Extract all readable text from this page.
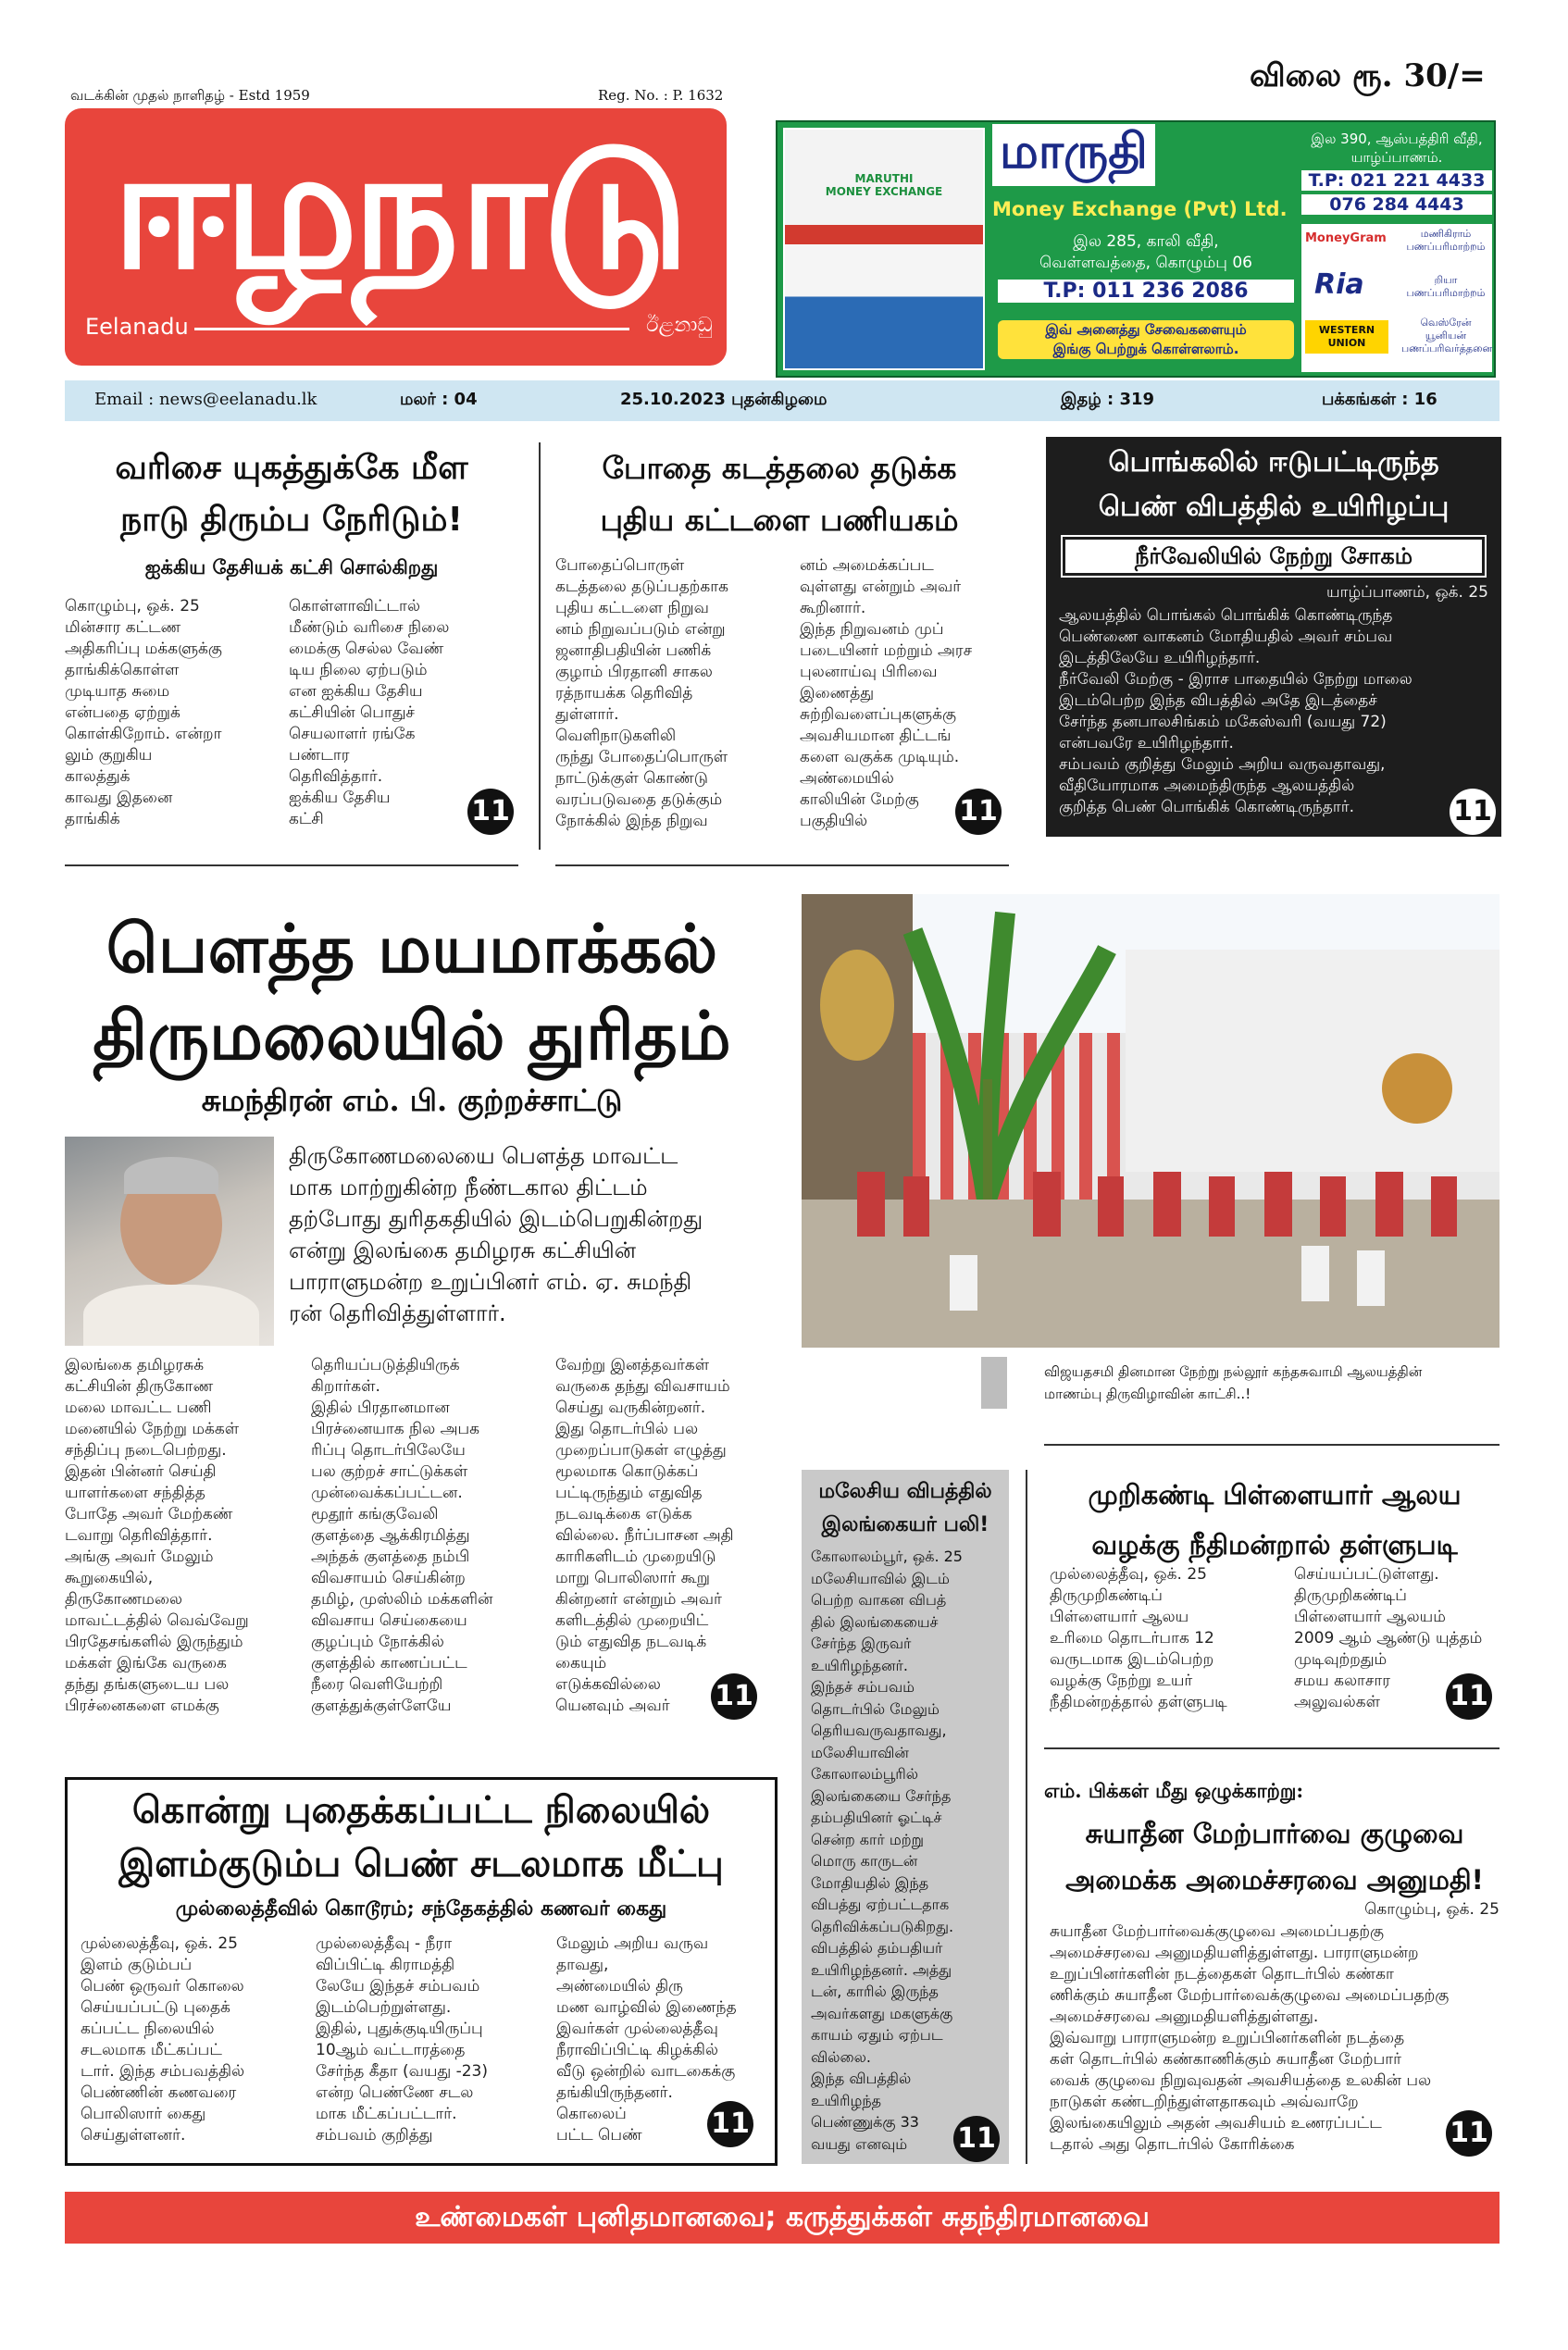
வடக்கின் முதல் நாளிதழ் - Estd 1959	Reg. No. : P. 1632
ஈழநாடு
Eelanadu	ඊළනාඩු
விலை ரூ. 30/=
MARUTHI
MONEY EXCHANGE
மாருதி
Money Exchange (Pvt) Ltd.
இல 285, காலி வீதி,
வெள்ளவத்தை, கொழும்பு 06
T.P: 011 236 2086
இவ் அனைத்து சேவைகளையும்
இங்கு பெற்றுக் கொள்ளலாம்.
இல 390, ஆஸ்பத்திரி வீதி,
யாழ்ப்பாணம்.
T.P: 021 221 4433
076 284 4443
MoneyGram	மணிகிராம்
பணப்பரிமாற்றம்
Ria	றியா
பணப்பரிமாற்றம்
WESTERN UNION
வெஸ்ரேன்
யூனியன்
பணப்பரிவர்த்தனை
Email : news@eelanadu.lk	மலர் : 04	25.10.2023 புதன்கிழமை	இதழ் : 319	பக்கங்கள் : 16
வரிசை யுகத்துக்கே மீள
நாடு திரும்ப நேரிடும்!
ஐக்கிய தேசியக் கட்சி சொல்கிறது
கொழும்பு, ஒக். 25
மின்சார கட்டண
அதிகரிப்பு மக்களுக்கு
தாங்கிக்கொள்ள
முடியாத சுமை
என்பதை ஏற்றுக்
கொள்கிறோம். என்றா
லும் குறுகிய
காலத்துக்
காவது இதனை
தாங்கிக்
கொள்ளாவிட்டால்
மீண்டும் வரிசை நிலை
மைக்கு செல்ல வேண்
டிய நிலை ஏற்படும்
என ஐக்கிய தேசிய
கட்சியின் பொதுச்
செயலாளர் ரங்கே
பண்டார
தெரிவித்தார்.
ஐக்கிய தேசிய
கட்சி	11
போதை கடத்தலை தடுக்க
புதிய கட்டளை பணியகம்
போதைப்பொருள்
கடத்தலை தடுப்பதற்காக
புதிய கட்டளை நிறுவ
னம் நிறுவப்படும் என்று
ஜனாதிபதியின் பணிக்
குழாம் பிரதானி சாகல
ரத்நாயக்க தெரிவித்
துள்ளார்.
வெளிநாடுகளிலி
ருந்து போதைப்பொருள்
நாட்டுக்குள் கொண்டு
வரப்படுவதை தடுக்கும்
நோக்கில் இந்த நிறுவ
னம் அமைக்கப்பட
வுள்ளது என்றும் அவர்
கூறினார்.
இந்த நிறுவனம் முப்
படையினர் மற்றும் அரச
புலனாய்வு பிரிவை
இணைத்து
சுற்றிவளைப்புகளுக்கு
அவசியமான திட்டங்
களை வகுக்க முடியும்.
அண்மையில்
காலியின் மேற்கு
பகுதியில்	11
பொங்கலில் ஈடுபட்டிருந்த
பெண் விபத்தில் உயிரிழப்பு
நீர்வேலியில் நேற்று சோகம்
யாழ்ப்பாணம், ஒக். 25
ஆலயத்தில் பொங்கல் பொங்கிக் கொண்டிருந்த
பெண்ணை வாகனம் மோதியதில் அவர் சம்பவ
இடத்திலேயே உயிரிழந்தார்.
நீர்வேலி மேற்கு - இராச பாதையில் நேற்று மாலை
இடம்பெற்ற இந்த விபத்தில் அதே இடத்தைச்
சேர்ந்த தனபாலசிங்கம் மகேஸ்வரி (வயது 72)
என்பவரே உயிரிழந்தார்.
சம்பவம் குறித்து மேலும் அறிய வருவதாவது,
வீதியோரமாக அமைந்திருந்த ஆலயத்தில்
குறித்த பெண் பொங்கிக் கொண்டிருந்தார்.	11
பௌத்த மயமாக்கல்
திருமலையில் துரிதம்
சுமந்திரன் எம். பி. குற்றச்சாட்டு
திருகோணமலையை பௌத்த மாவட்ட
மாக மாற்றுகின்ற நீண்டகால திட்டம்
தற்போது துரிதகதியில் இடம்பெறுகின்றது
என்று இலங்கை தமிழரசு கட்சியின்
பாராளுமன்ற உறுப்பினர் எம். ஏ. சுமந்தி
ரன் தெரிவித்துள்ளார்.
இலங்கை தமிழரசுக்
கட்சியின் திருகோண
மலை மாவட்ட பணி
மனையில் நேற்று மக்கள்
சந்திப்பு நடைபெற்றது.
இதன் பின்னர் செய்தி
யாளர்களை சந்தித்த
போதே அவர் மேற்கண்
டவாறு தெரிவித்தார்.
அங்கு அவர் மேலும்
கூறுகையில்,
திருகோணமலை
மாவட்டத்தில் வெவ்வேறு
பிரதேசங்களில் இருந்தும்
மக்கள் இங்கே வருகை
தந்து தங்களுடைய பல
பிரச்னைகளை எமக்கு
தெரியப்படுத்தியிருக்
கிறார்கள்.
இதில் பிரதானமான
பிரச்னையாக நில அபக
ரிப்பு தொடர்பிலேயே
பல குற்றச் சாட்டுக்கள்
முன்வைக்கப்பட்டன.
மூதூர் கங்குவேலி
குளத்தை ஆக்கிரமித்து
அந்தக் குளத்தை நம்பி
விவசாயம் செய்கின்ற
தமிழ், முஸ்லிம் மக்களின்
விவசாய செய்கையை
குழப்பும் நோக்கில்
குளத்தில் காணப்பட்ட
நீரை வெளியேற்றி
குளத்துக்குள்ளேயே
வேற்று இனத்தவர்கள்
வருகை தந்து விவசாயம்
செய்து வருகின்றனர்.
இது தொடர்பில் பல
முறைப்பாடுகள் எழுத்து
மூலமாக கொடுக்கப்
பட்டிருந்தும் எதுவித
நடவடிக்கை எடுக்க
வில்லை. நீர்ப்பாசன அதி
காரிகளிடம் முறையிடு
மாறு பொலிஸார் கூறு
கின்றனர் என்றும் அவர்
களிடத்தில் முறையிட்
டும் எதுவித நடவடிக்
கையும்
எடுக்கவில்லை
யெனவும் அவர்	11
விஜயதசமி தினமான நேற்று நல்லூர் கந்தசுவாமி ஆலயத்தின்
மாணம்பு திருவிழாவின் காட்சி..!
மலேசிய விபத்தில்
இலங்கையர் பலி!
கோலாலம்பூர், ஒக். 25
மலேசியாவில் இடம்
பெற்ற வாகன விபத்
தில் இலங்கையைச்
சேர்ந்த இருவர்
உயிரிழந்தனர்.
இந்தச் சம்பவம்
தொடர்பில் மேலும்
தெரியவருவதாவது,
மலேசியாவின்
கோலாலம்பூரில்
இலங்கையை சேர்ந்த
தம்பதியினர் ஓட்டிச்
சென்ற கார் மற்று
மொரு காருடன்
மோதியதில் இந்த
விபத்து ஏற்பட்டதாக
தெரிவிக்கப்படுகிறது.
விபத்தில் தம்பதியர்
உயிரிழந்தனர். அத்து
டன், காரில் இருந்த
அவர்களது மகளுக்கு
காயம் ஏதும் ஏற்பட
வில்லை.
இந்த விபத்தில்
உயிரிழந்த
பெண்ணுக்கு 33
வயது எனவும்	11
முறிகண்டி பிள்ளையார் ஆலய
வழக்கு நீதிமன்றால் தள்ளுபடி
முல்லைத்தீவு, ஒக். 25
திருமுறிகண்டிப்
பிள்ளையார் ஆலய
உரிமை தொடர்பாக 12
வருடமாக இடம்பெற்ற
வழக்கு நேற்று உயர்
நீதிமன்றத்தால் தள்ளுபடி
செய்யப்பட்டுள்ளது.
திருமுறிகண்டிப்
பிள்ளையார் ஆலயம்
2009 ஆம் ஆண்டு யுத்தம்
முடிவுற்றதும்
சமய கலாசார
அலுவல்கள்	11
கொன்று புதைக்கப்பட்ட நிலையில்
இளம்குடும்ப பெண் சடலமாக மீட்பு
முல்லைத்தீவில் கொடூரம்; சந்தேகத்தில் கணவர் கைது
முல்லைத்தீவு, ஒக். 25
இளம் குடும்பப்
பெண் ஒருவர் கொலை
செய்யப்பட்டு புதைக்
கப்பட்ட நிலையில்
சடலமாக மீட்கப்பட்
டார். இந்த சம்பவத்தில்
பெண்ணின் கணவரை
பொலிஸார் கைது
செய்துள்ளனர்.
முல்லைத்தீவு - நீரா
விப்பிட்டி கிராமத்தி
லேயே இந்தச் சம்பவம்
இடம்பெற்றுள்ளது.
இதில், புதுக்குடியிருப்பு
10ஆம் வட்டாரத்தை
சேர்ந்த கீதா (வயது -23)
என்ற பெண்ணே சடல
மாக மீட்கப்பட்டார்.
சம்பவம் குறித்து
மேலும் அறிய வருவ
தாவது,
அண்மையில் திரு
மண வாழ்வில் இணைந்த
இவர்கள் முல்லைத்தீவு
நீராவிப்பிட்டி கிழக்கில்
வீடு ஒன்றில் வாடகைக்கு
தங்கியிருந்தனர்.
கொலைப்
பட்ட பெண்	11
எம். பிக்கள் மீது ஒழுக்காற்று:
சுயாதீன மேற்பார்வை குழுவை
அமைக்க அமைச்சரவை அனுமதி!
கொழும்பு, ஒக். 25
சுயாதீன மேற்பார்வைக்குழுவை அமைப்பதற்கு
அமைச்சரவை அனுமதியளித்துள்ளது. பாராளுமன்ற
உறுப்பினர்களின் நடத்தைகள் தொடர்பில் கண்கா
ணிக்கும் சுயாதீன மேற்பார்வைக்குழுவை அமைப்பதற்கு
அமைச்சரவை அனுமதியளித்துள்ளது.
இவ்வாறு பாராளுமன்ற உறுப்பினர்களின் நடத்தை
கள் தொடர்பில் கண்காணிக்கும் சுயாதீன மேற்பார்
வைக் குழுவை நிறுவுவதன் அவசியத்தை உலகின் பல
நாடுகள் கண்டறிந்துள்ளதாகவும் அவ்வாறே
இலங்கையிலும் அதன் அவசியம் உணரப்பட்ட
டதால் அது தொடர்பில் கோரிக்கை	11
உண்மைகள் புனிதமானவை; கருத்துக்கள் சுதந்திரமானவை
